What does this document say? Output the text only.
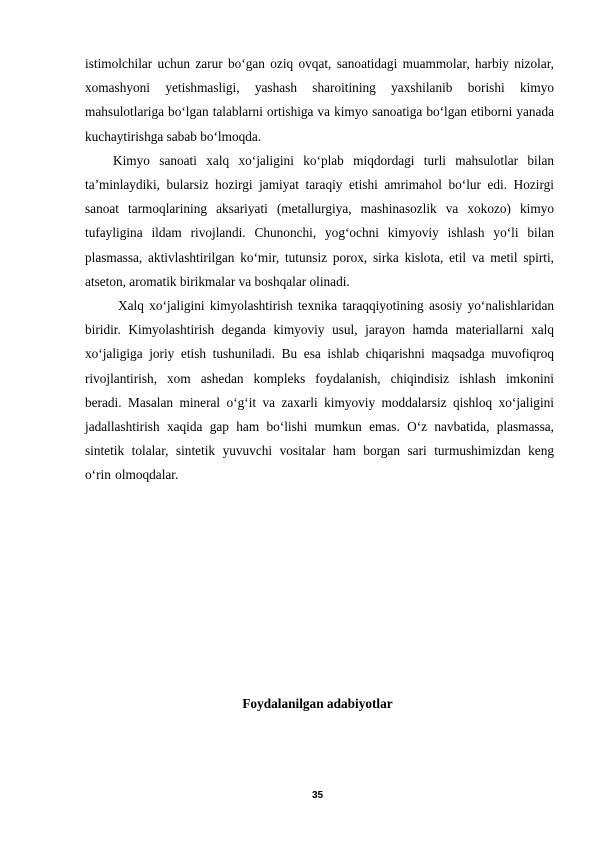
istimolchilar uchun zarur bo‘gan oziq ovqat, sanoatidagi muammolar, harbiy nizolar, xomashyoni yetishmasligi, yashash sharoitining yaxshilanib borishi kimyo mahsulotlariga bo‘lgan talablarni ortishiga va kimyo sanoatiga bo‘lgan etiborni yanada kuchaytirishga sabab bo‘lmoqda.

Kimyo sanoati xalq xo‘jaligini ko‘plab miqdordagi turli mahsulotlar bilan ta’minlaydiki, bularsiz hozirgi jamiyat taraqiy etishi amrimahol bo‘lur edi. Hozirgi sanoat tarmoqlarining aksariyati (metallurgiya, mashinasozlik va xokozo) kimyo tufayligina ildam rivojlandi. Chunonchi, yog‘ochni kimyoviy ishlash yo‘li bilan plasmassa, aktivlashtirilgan ko‘mir, tutunsiz porox, sirka kislota, etil va metil spirti, atseton, aromatik birikmalar va boshqalar olinadi.

Xalq xo‘jaligini kimyolashtirish texnika taraqqiyotining asosiy yo‘nalishlaridan biridir. Kimyolashtirish deganda kimyoviy usul, jarayon hamda materiallarni xalq xo‘jaligiga joriy etish tushuniladi. Bu esa ishlab chiqarishni maqsadga muvofiqroq rivojlantirish, xom ashedan kompleks foydalanish, chiqindisiz ishlash imkonini beradi. Masalan mineral o‘g‘it va zaxarli kimyoviy moddalarsiz qishloq xo‘jaligini jadallashtirish xaqida gap ham bo‘lishi mumkun emas. O‘z navbatida, plasmassa, sintetik tolalar, sintetik yuvuvchi vositalar ham borgan sari turmushimizdan keng o‘rin olmoqdalar.

Foydalanilgan adabiyotlar

35
